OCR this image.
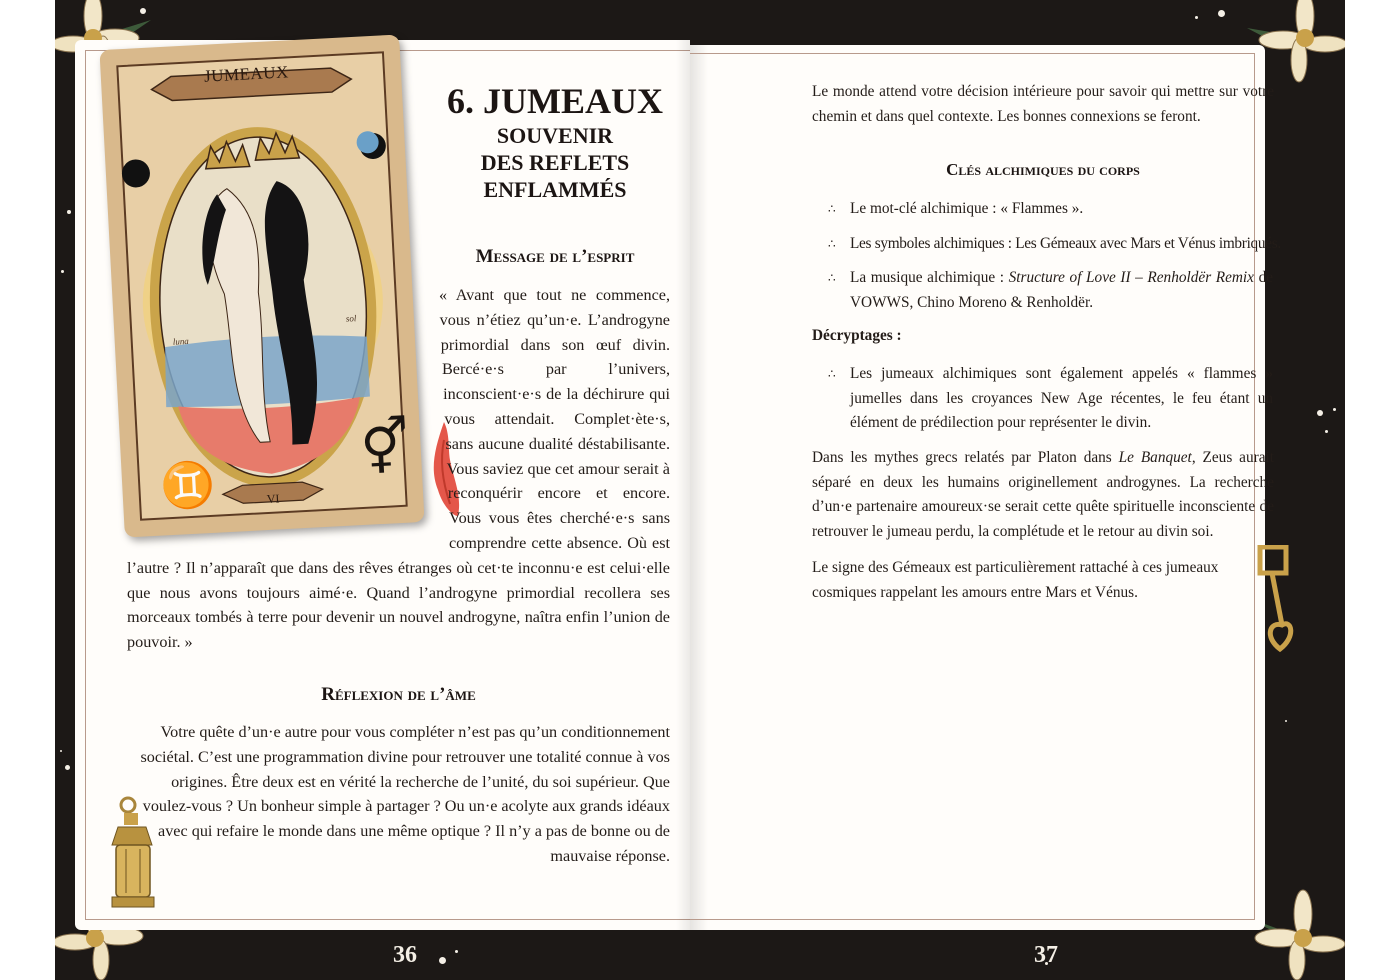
♊
⚥
JUMEAUX
VI
luna
sol
6. JUMEAUX
SOUVENIR
DES REFLETS
ENFLAMMÉS
Message de l’esprit

« Avant que tout ne commence, vous n’étiez qu’un·e. L’androgyne primordial dans son œuf divin. Bercé·e·s par l’univers, inconscient·e·s de la déchirure qui vous attendait. Complet·ète·s, sans aucune dualité déstabilisante. Vous saviez que cet amour serait à reconquérir encore et encore. Vous vous êtes cherché·e·s sans comprendre cette absence. Où est l’autre ? Il n’apparaît que dans des rêves étranges où cet·te inconnu·e est celui·elle que nous avons toujours aimé·e. Quand l’androgyne primordial recollera ses morceaux tombés à terre pour devenir un nouvel androgyne, naîtra enfin l’union de pouvoir. »

Réflexion de l’âme

Votre quête d’un·e autre pour vous compléter n’est pas qu’un conditionnement sociétal. C’est une programmation divine pour retrouver une totalité connue à vos origines. Être deux est en vérité la recherche de l’unité, du soi supérieur. Que voulez-vous ? Un bonheur simple à partager ? Ou un·e acolyte aux grands idéaux avec qui refaire le monde dans une même optique ? Il n’y a pas de bonne ou de mauvaise réponse.

36

Le monde attend votre décision intérieure pour savoir qui mettre sur votre chemin et dans quel contexte. Les bonnes connexions se feront.

Clés alchimiques du corps
∴ Le mot-clé alchimique : « Flammes ».
∴ Les symboles alchimiques : Les Gémeaux avec Mars et Vénus imbriqués.
∴ La musique alchimique : Structure of Love II – Renholdër Remix de VOWWS, Chino Moreno & Renholdër.
Décryptages :
∴ Les jumeaux alchimiques sont également appelés « flammes » jumelles dans les croyances New Age récentes, le feu étant un élément de prédilection pour représenter le divin.

Dans les mythes grecs relatés par Platon dans Le Banquet, Zeus aurait séparé en deux les humains originellement androgynes. La recherche d’un·e partenaire amoureux·se serait cette quête spirituelle inconsciente de retrouver le jumeau perdu, la complétude et le retour au divin soi.

Le signe des Gémeaux est particulièrement rattaché à ces jumeaux cosmiques rappelant les amours entre Mars et Vénus.

37
